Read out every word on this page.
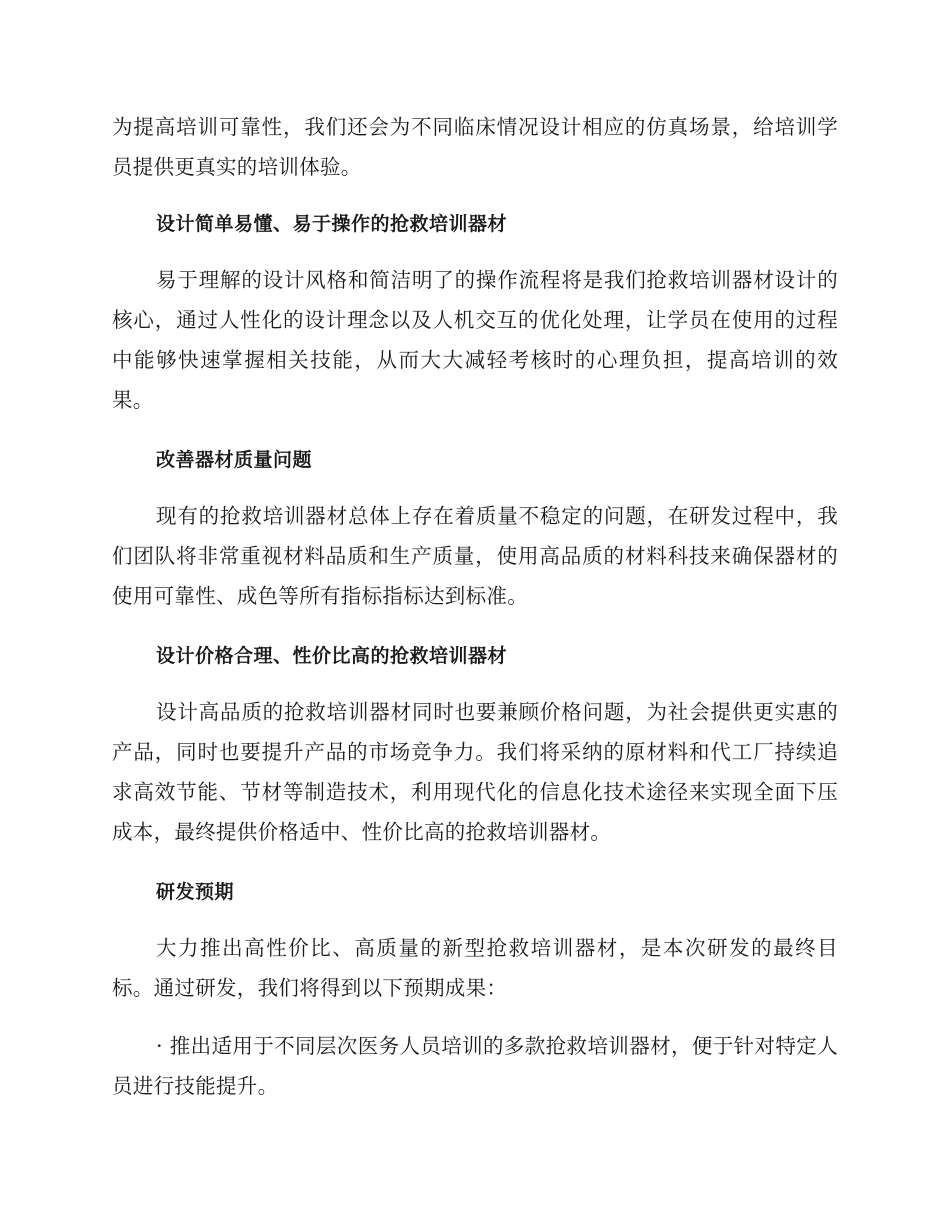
为提高培训可靠性，我们还会为不同临床情况设计相应的仿真场景，给培训学员提供更真实的培训体验。

设计简单易懂、易于操作的抢救培训器材

易于理解的设计风格和简洁明了的操作流程将是我们抢救培训器材设计的核心，通过人性化的设计理念以及人机交互的优化处理，让学员在使用的过程中能够快速掌握相关技能，从而大大减轻考核时的心理负担，提高培训的效果。

改善器材质量问题

现有的抢救培训器材总体上存在着质量不稳定的问题，在研发过程中，我们团队将非常重视材料品质和生产质量，使用高品质的材料科技来确保器材的使用可靠性、成色等所有指标指标达到标准。

设计价格合理、性价比高的抢救培训器材

设计高品质的抢救培训器材同时也要兼顾价格问题，为社会提供更实惠的产品，同时也要提升产品的市场竞争力。我们将采纳的原材料和代工厂持续追求高效节能、节材等制造技术，利用现代化的信息化技术途径来实现全面下压成本，最终提供价格适中、性价比高的抢救培训器材。

研发预期

大力推出高性价比、高质量的新型抢救培训器材，是本次研发的最终目标。通过研发，我们将得到以下预期成果：

· 推出适用于不同层次医务人员培训的多款抢救培训器材，便于针对特定人员进行技能提升。
